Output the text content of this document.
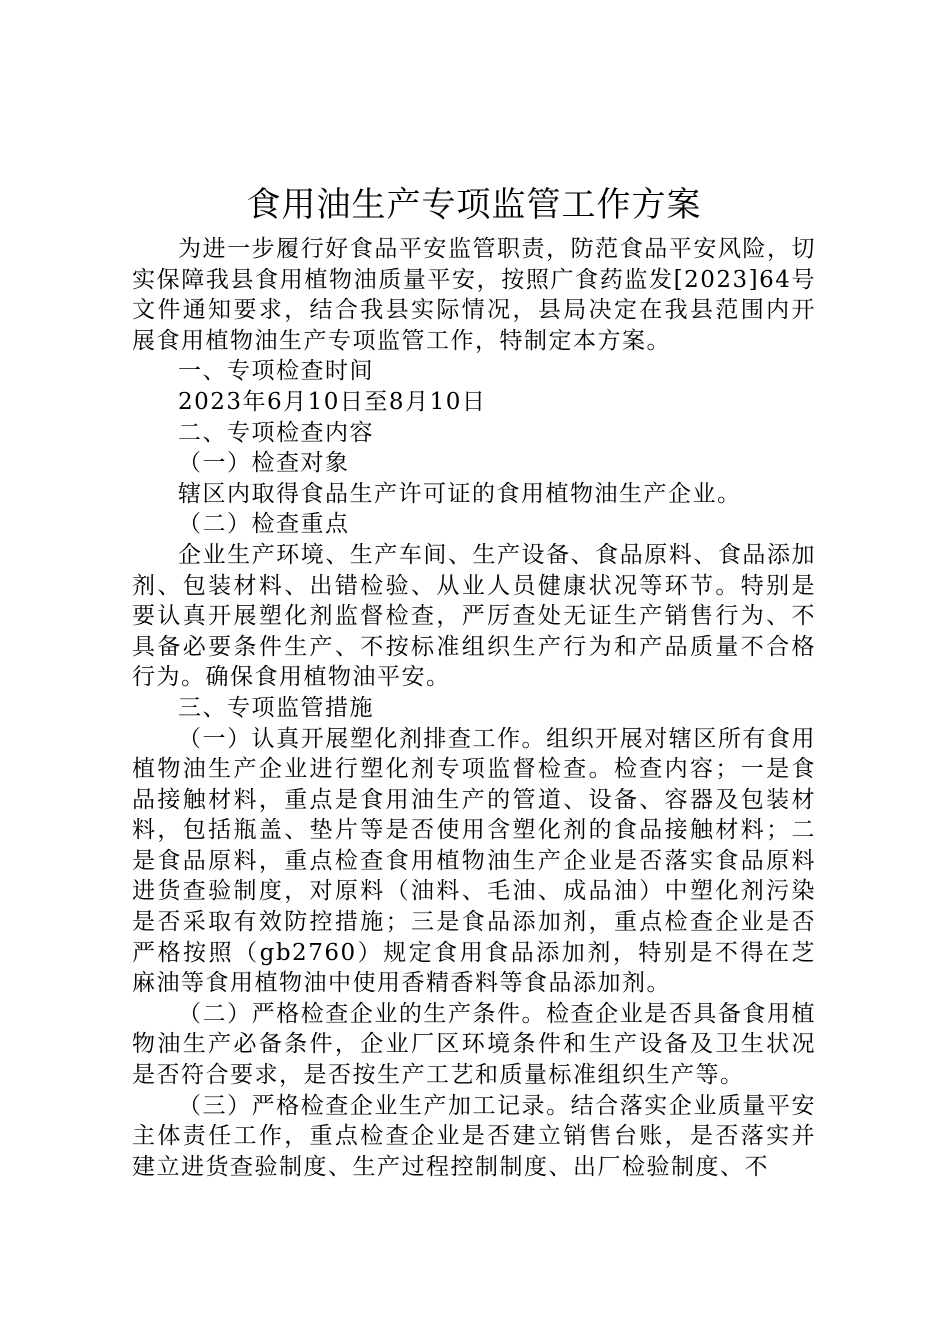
食用油生产专项监管工作方案

为进一步履行好食品平安监管职责，防范食品平安风险，切实保障我县食用植物油质量平安，按照广食药监发[2023]64号文件通知要求，结合我县实际情况，县局决定在我县范围内开展食用植物油生产专项监管工作，特制定本方案。

一、专项检查时间

2023年6月10日至8月10日

二、专项检查内容

（一）检查对象

辖区内取得食品生产许可证的食用植物油生产企业。

（二）检查重点

企业生产环境、生产车间、生产设备、食品原料、食品添加剂、包装材料、出错检验、从业人员健康状况等环节。特别是要认真开展塑化剂监督检查，严厉查处无证生产销售行为、不具备必要条件生产、不按标准组织生产行为和产品质量不合格行为。确保食用植物油平安。

三、专项监管措施

（一）认真开展塑化剂排查工作。组织开展对辖区所有食用植物油生产企业进行塑化剂专项监督检查。检查内容；一是食品接触材料，重点是食用油生产的管道、设备、容器及包装材料，包括瓶盖、垫片等是否使用含塑化剂的食品接触材料；二是食品原料，重点检查食用植物油生产企业是否落实食品原料进货查验制度，对原料（油料、毛油、成品油）中塑化剂污染是否采取有效防控措施；三是食品添加剂，重点检查企业是否严格按照（gb2760）规定食用食品添加剂，特别是不得在芝麻油等食用植物油中使用香精香料等食品添加剂。

（二）严格检查企业的生产条件。检查企业是否具备食用植物油生产必备条件，企业厂区环境条件和生产设备及卫生状况是否符合要求，是否按生产工艺和质量标准组织生产等。

（三）严格检查企业生产加工记录。结合落实企业质量平安主体责任工作，重点检查企业是否建立销售台账，是否落实并建立进货查验制度、生产过程控制制度、出厂检验制度、不
